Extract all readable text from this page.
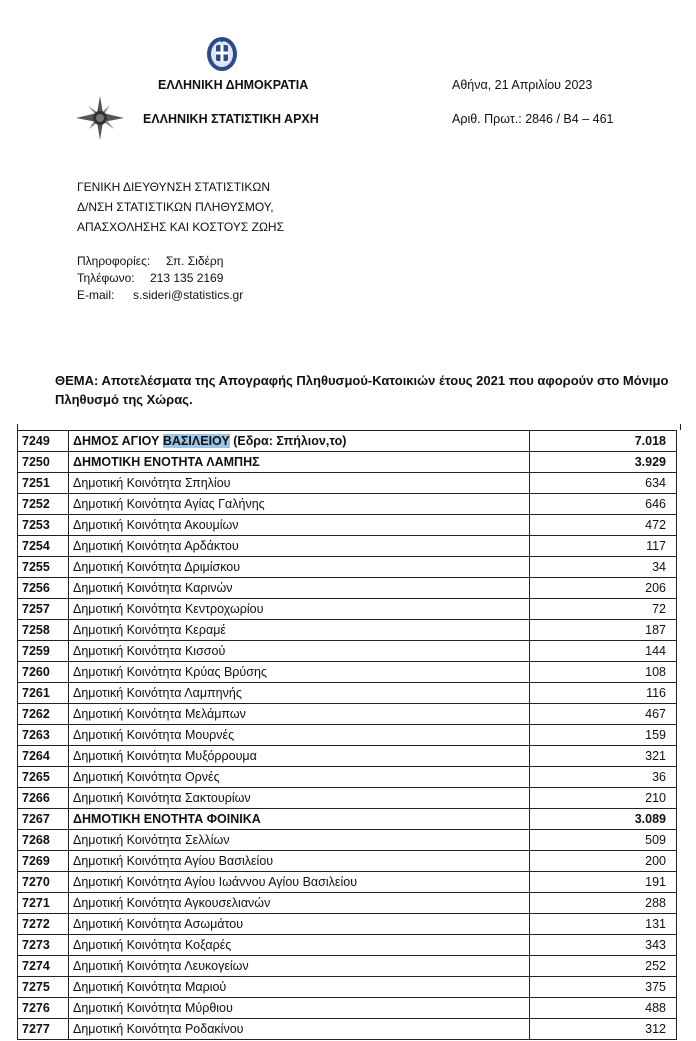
ΕΛΛΗΝΙΚΗ ΔΗΜΟΚΡΑΤΙΑ
ΕΛΛΗΝΙΚΗ ΣΤΑΤΙΣΤΙΚΗ ΑΡΧΗ
Αθήνα, 21 Απριλίου 2023
Αριθ. Πρωτ.: 2846 / Β4 – 461
ΓΕΝΙΚΗ ΔΙΕΥΘΥΝΣΗ ΣΤΑΤΙΣΤΙΚΩΝ
Δ/ΝΣΗ ΣΤΑΤΙΣΤΙΚΩΝ ΠΛΗΘΥΣΜΟΥ,
ΑΠΑΣΧΟΛΗΣΗΣ ΚΑΙ ΚΟΣΤΟΥΣ ΖΩΗΣ
Πληροφορίες: Σπ. Σιδέρη
Τηλέφωνο: 213 135 2169
E-mail: s.sideri@statistics.gr
ΘΕΜΑ: Αποτελέσματα της Απογραφής Πληθυσμού-Κατοικιών έτους 2021 που αφορούν στο Μόνιμο Πληθυσμό της Χώρας.
7249	ΔΗΜΟΣ ΑΓΙΟΥ ΒΑΣΙΛΕΙΟΥ (Εδρα: Σπήλιον,το)	7.018
7250	ΔΗΜΟΤΙΚΗ ΕΝΟΤΗΤΑ ΛΑΜΠΗΣ	3.929
7251	Δημοτική Κοινότητα Σπηλίου	634
7252	Δημοτική Κοινότητα Αγίας Γαλήνης	646
7253	Δημοτική Κοινότητα Ακουμίων	472
7254	Δημοτική Κοινότητα Αρδάκτου	117
7255	Δημοτική Κοινότητα Δριμίσκου	34
7256	Δημοτική Κοινότητα Καρινών	206
7257	Δημοτική Κοινότητα Κεντροχωρίου	72
7258	Δημοτική Κοινότητα Κεραμέ	187
7259	Δημοτική Κοινότητα Κισσού	144
7260	Δημοτική Κοινότητα Κρύας Βρύσης	108
7261	Δημοτική Κοινότητα Λαμπηνής	116
7262	Δημοτική Κοινότητα Μελάμπων	467
7263	Δημοτική Κοινότητα Μουρνές	159
7264	Δημοτική Κοινότητα Μυξόρρουμα	321
7265	Δημοτική Κοινότητα Ορνές	36
7266	Δημοτική Κοινότητα Σακτουρίων	210
7267	ΔΗΜΟΤΙΚΗ ΕΝΟΤΗΤΑ ΦΟΙΝΙΚΑ	3.089
7268	Δημοτική Κοινότητα Σελλίων	509
7269	Δημοτική Κοινότητα Αγίου Βασιλείου	200
7270	Δημοτική Κοινότητα Αγίου Ιωάννου Αγίου Βασιλείου	191
7271	Δημοτική Κοινότητα Αγκουσελιανών	288
7272	Δημοτική Κοινότητα Ασωμάτου	131
7273	Δημοτική Κοινότητα Κοξαρές	343
7274	Δημοτική Κοινότητα Λευκογείων	252
7275	Δημοτική Κοινότητα Μαριού	375
7276	Δημοτική Κοινότητα Μύρθιου	488
7277	Δημοτική Κοινότητα Ροδακίνου	312
